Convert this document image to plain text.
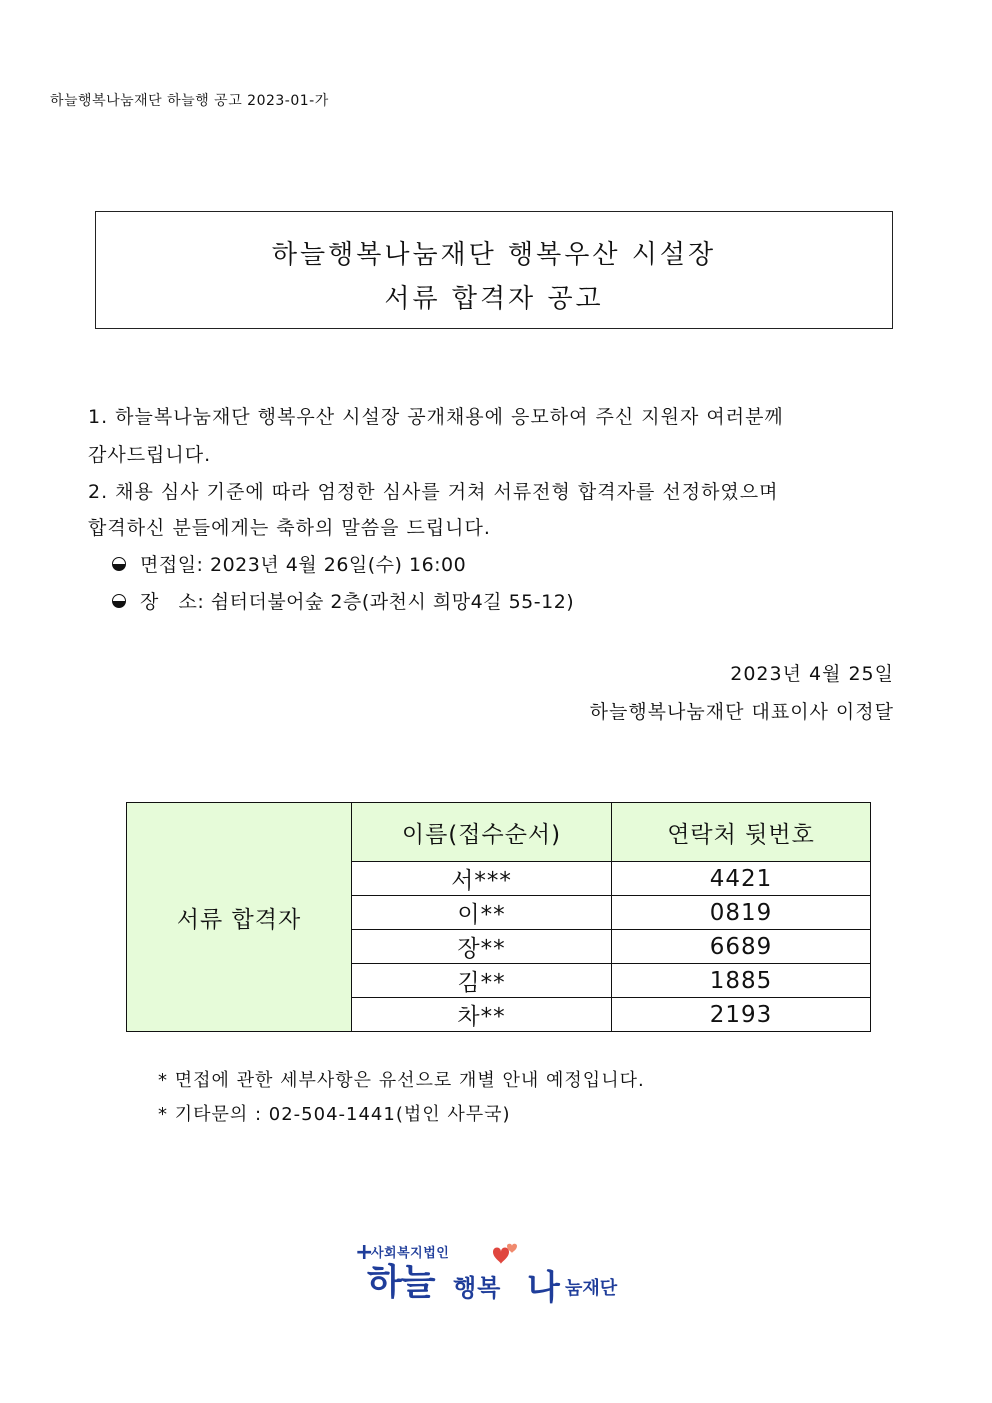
하늘행복나눔재단 하늘행 공고 2023-01-가
하늘행복나눔재단 행복우산 시설장
서류 합격자 공고
1. 하늘복나눔재단 행복우산 시설장 공개채용에 응모하여 주신 지원자 여러분께
감사드립니다.
2. 채용 심사 기준에 따라 엄정한 심사를 거쳐 서류전형 합격자를 선정하였으며
합격하신 분들에게는 축하의 말씀을 드립니다.
면접일: 2023년 4월 26일(수) 16:00
장   소: 쉼터더불어숲 2층(과천시 희망4길 55-12)
2023년 4월 25일
하늘행복나눔재단 대표이사 이정달
서류 합격자	이름(접수순서)	연락처 뒷번호
	서***	4421
	이**	0819
	장**	6689
	김**	1885
	차**	2193
* 면접에 관한 세부사항은 유선으로 개별 안내 예정입니다.
* 기타문의 : 02-504-1441(법인 사무국)
+
사회복지법인
하늘 행복 나 눔재단
